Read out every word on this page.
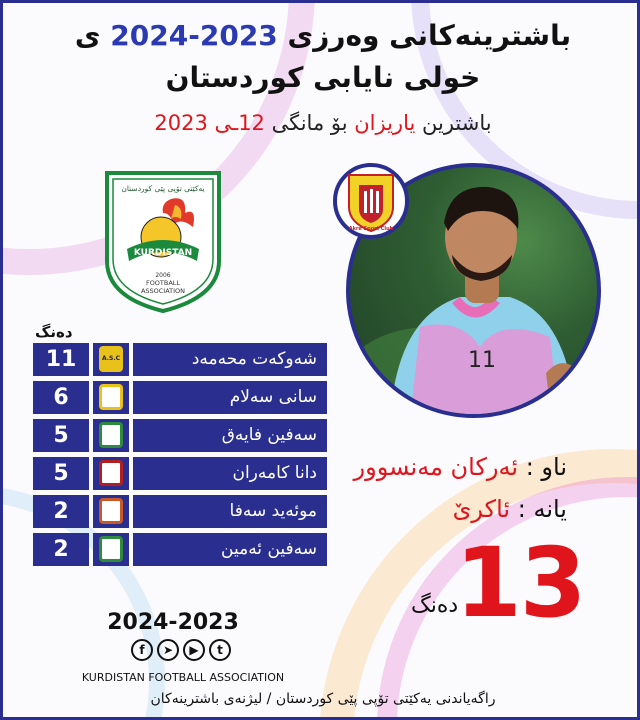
باشترینەكانی وەرزی 2023-2024 ی
خولی نایابی كوردستان
باشترین یاریزان بۆ مانگی 12ـی 2023
یەكێتی تۆپی پێی كوردستان
KURDISTAN
2006
FOOTBALL
ASSOCIATION
11
Akre Sport Club
دەنگ
11	A.S.C	شەوکەت محەمەد
6	سانی سەلام
5	سەفین فایەق
5	دانا کامەران
2	موئەید سەفا
2	سەفین ئەمین
ناو : ئەرکان مەنسوور
یانە : ئاکرێ
13
دەنگ
2024-2023
f	➤	▶	t
KURDISTAN FOOTBALL ASSOCIATION
راگەیاندنی یەکێتی تۆپی پێی کوردستان / لیژنەی باشترینەکان
